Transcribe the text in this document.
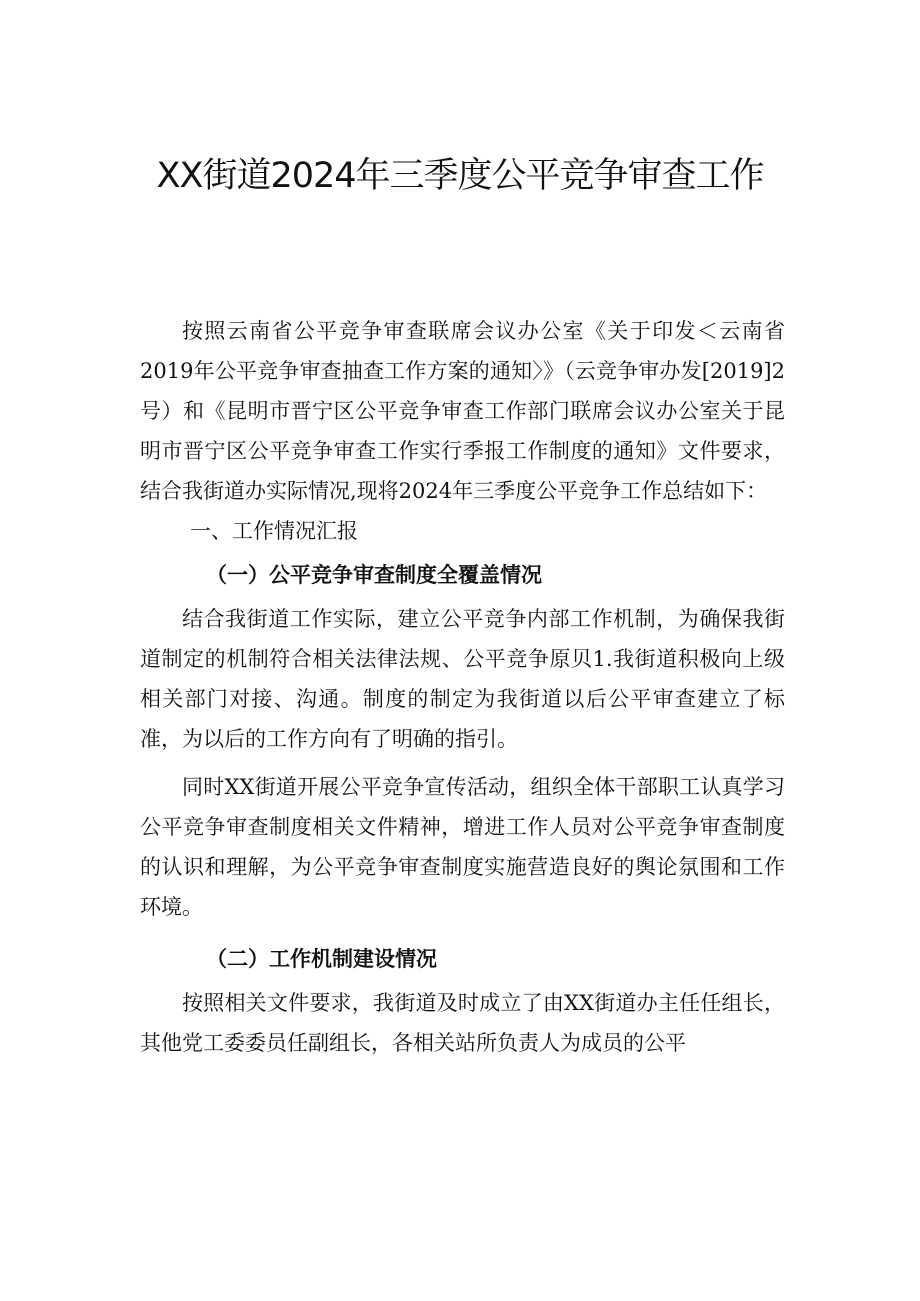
XX街道2024年三季度公平竞争审查工作

按照云南省公平竞争审查联席会议办公室《关于印发＜云南省2019年公平竞争审查抽查工作方案的通知〉》（云竞争审办发[2019]2号）和《昆明市晋宁区公平竞争审查工作部门联席会议办公室关于昆明市晋宁区公平竞争审查工作实行季报工作制度的通知》文件要求，结合我街道办实际情况,现将2024年三季度公平竞争工作总结如下：

一、工作情况汇报
（一）公平竞争审查制度全覆盖情况

结合我街道工作实际，建立公平竞争内部工作机制，为确保我街道制定的机制符合相关法律法规、公平竞争原贝1.我街道积极向上级相关部门对接、沟通。制度的制定为我街道以后公平审查建立了标准，为以后的工作方向有了明确的指引。

同时XX街道开展公平竞争宣传活动，组织全体干部职工认真学习公平竞争审查制度相关文件精神，增进工作人员对公平竞争审查制度的认识和理解，为公平竞争审查制度实施营造良好的舆论氛围和工作环境。

（二）工作机制建设情况

按照相关文件要求，我街道及时成立了由XX街道办主任任组长，其他党工委委员任副组长，各相关站所负责人为成员的公平
